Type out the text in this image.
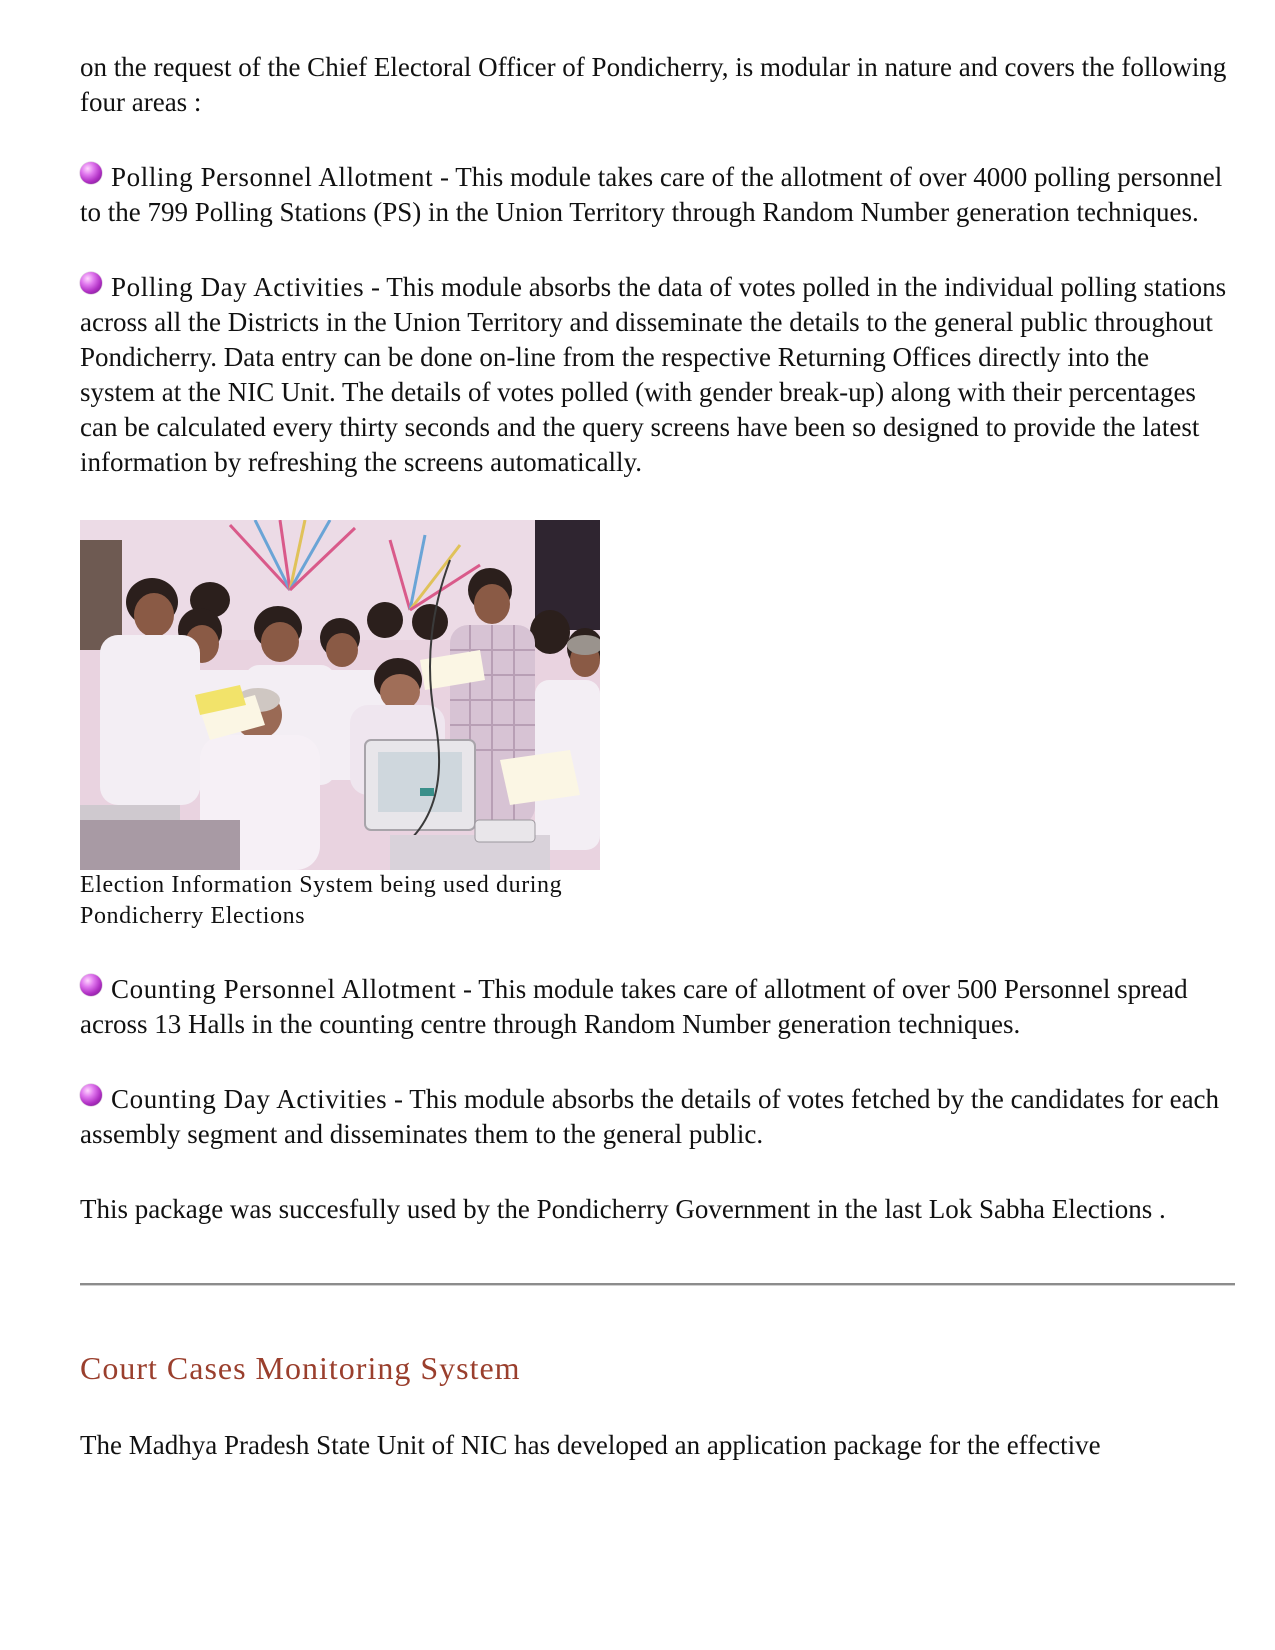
on the request of the Chief Electoral Officer of Pondicherry, is modular in nature and covers the following four areas :

Polling Personnel Allotment - This module takes care of the allotment of over 4000 polling personnel to the 799 Polling Stations (PS) in the Union Territory through Random Number generation techniques.

Polling Day Activities - This module absorbs the data of votes polled in the individual polling stations across all the Districts in the Union Territory and disseminate the details to the general public throughout Pondicherry. Data entry can be done on-line from the respective Returning Offices directly into the system at the NIC Unit. The details of votes polled (with gender break-up) along with their percentages can be calculated every thirty seconds and the query screens have been so designed to provide the latest information by refreshing the screens automatically.

Election Information System being used during Pondicherry Elections

Counting Personnel Allotment - This module takes care of allotment of over 500 Personnel spread across 13 Halls in the counting centre through Random Number generation techniques.

Counting Day Activities - This module absorbs the details of votes fetched by the candidates for each assembly segment and disseminates them to the general public.

This package was succesfully used by the Pondicherry Government in the last Lok Sabha Elections .

Court Cases Monitoring System

The Madhya Pradesh State Unit of NIC has developed an application package for the effective
